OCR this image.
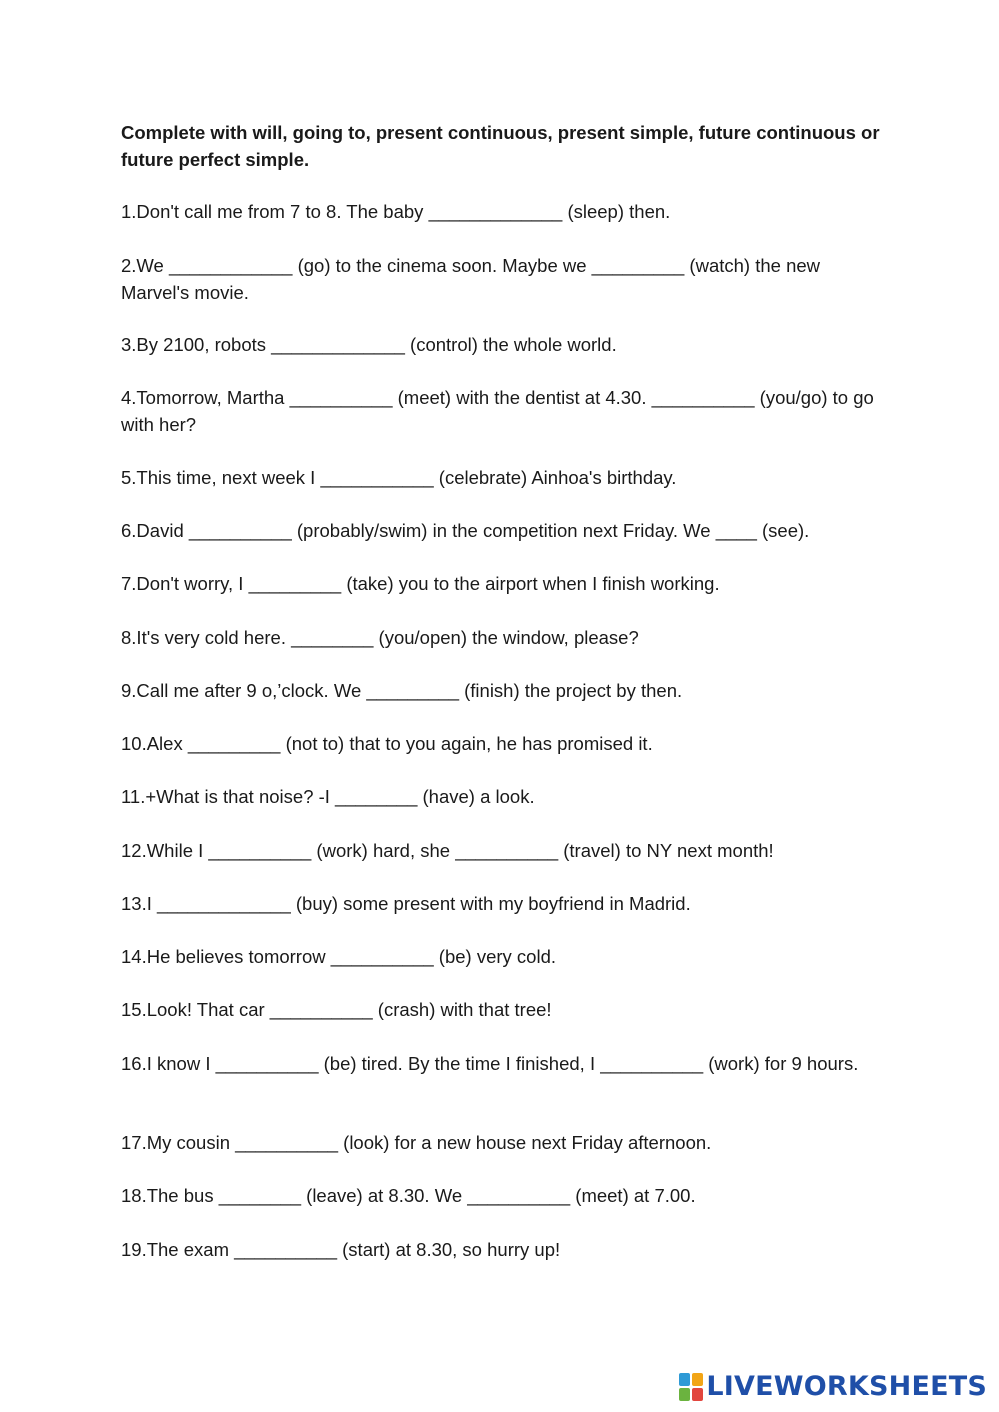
Complete with will, going to, present continuous, present simple, future continuous or future perfect simple.

1.Don't call me from 7 to 8. The baby _____________ (sleep) then.

2.We ____________ (go) to the cinema soon. Maybe we _________ (watch) the new Marvel's movie.

3.By 2100, robots _____________ (control) the whole world.

4.Tomorrow, Martha __________ (meet) with the dentist at 4.30. __________ (you/go) to go with her?

5.This time, next week I ___________ (celebrate) Ainhoa's birthday.

6.David __________ (probably/swim) in the competition next Friday. We ____ (see).

7.Don't worry, I _________ (take) you to the airport when I finish working.

8.It's very cold here. ________ (you/open) the window, please?

9.Call me after 9 o,’clock. We _________ (finish) the project by then.

10.Alex _________ (not to) that to you again, he has promised it.

11.+What is that noise? -I ________ (have) a look.

12.While I __________ (work) hard, she __________ (travel) to NY next month!

13.I _____________ (buy) some present with my boyfriend in Madrid.

14.He believes tomorrow __________ (be) very cold.

15.Look! That car __________ (crash) with that tree!

16.I know I __________ (be) tired. By the time I finished, I __________ (work) for 9 hours.

17.My cousin __________ (look) for a new house next Friday afternoon.

18.The bus ________ (leave) at 8.30. We __________ (meet) at 7.00.

19.The exam __________ (start) at 8.30, so hurry up!

LIVEWORKSHEETS
